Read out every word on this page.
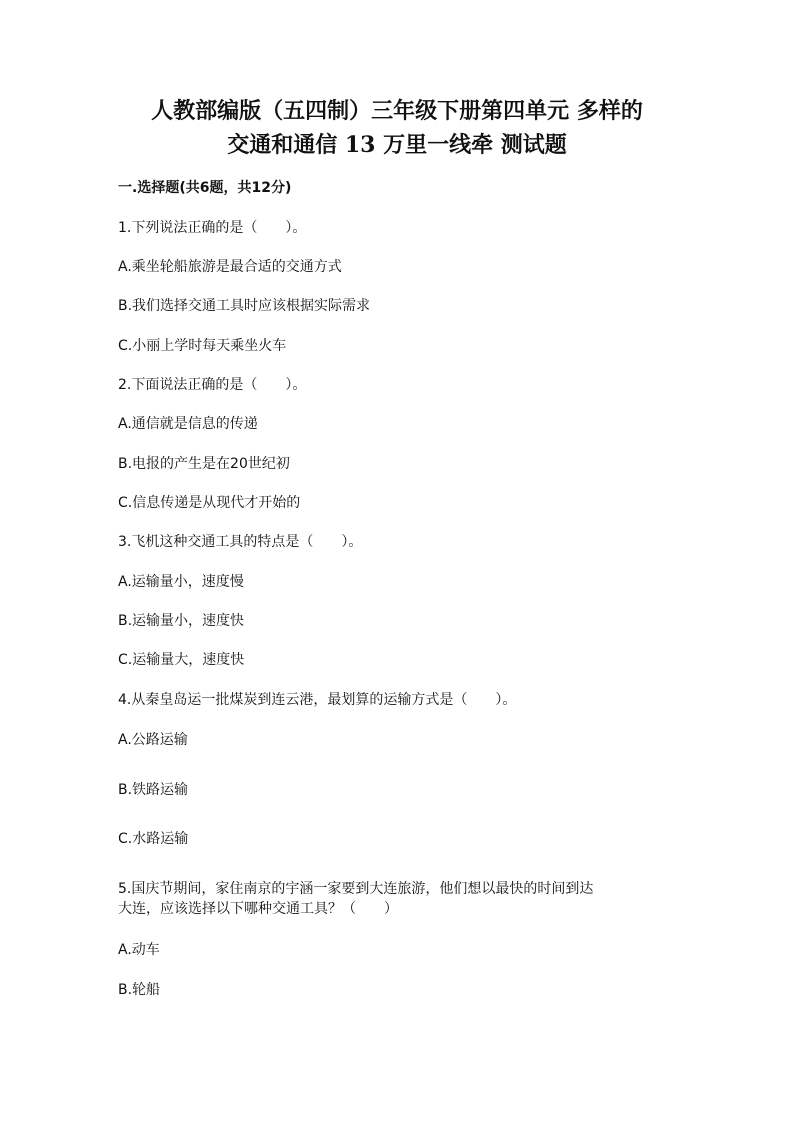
人教部编版（五四制）三年级下册第四单元 多样的
交通和通信 13 万里一线牵 测试题
一.选择题(共6题，共12分)
1.下列说法正确的是（　　）。
A.乘坐轮船旅游是最合适的交通方式
B.我们选择交通工具时应该根据实际需求
C.小丽上学时每天乘坐火车
2.下面说法正确的是（　　）。
A.通信就是信息的传递
B.电报的产生是在20世纪初
C.信息传递是从现代才开始的
3.飞机这种交通工具的特点是（　　）。
A.运输量小，速度慢
B.运输量小，速度快
C.运输量大，速度快
4.从秦皇岛运一批煤炭到连云港，最划算的运输方式是（　　）。
A.公路运输
B.铁路运输
C.水路运输
5.国庆节期间，家住南京的宇涵一家要到大连旅游，他们想以最快的时间到达
大连，应该选择以下哪种交通工具？（　　）
A.动车
B.轮船
